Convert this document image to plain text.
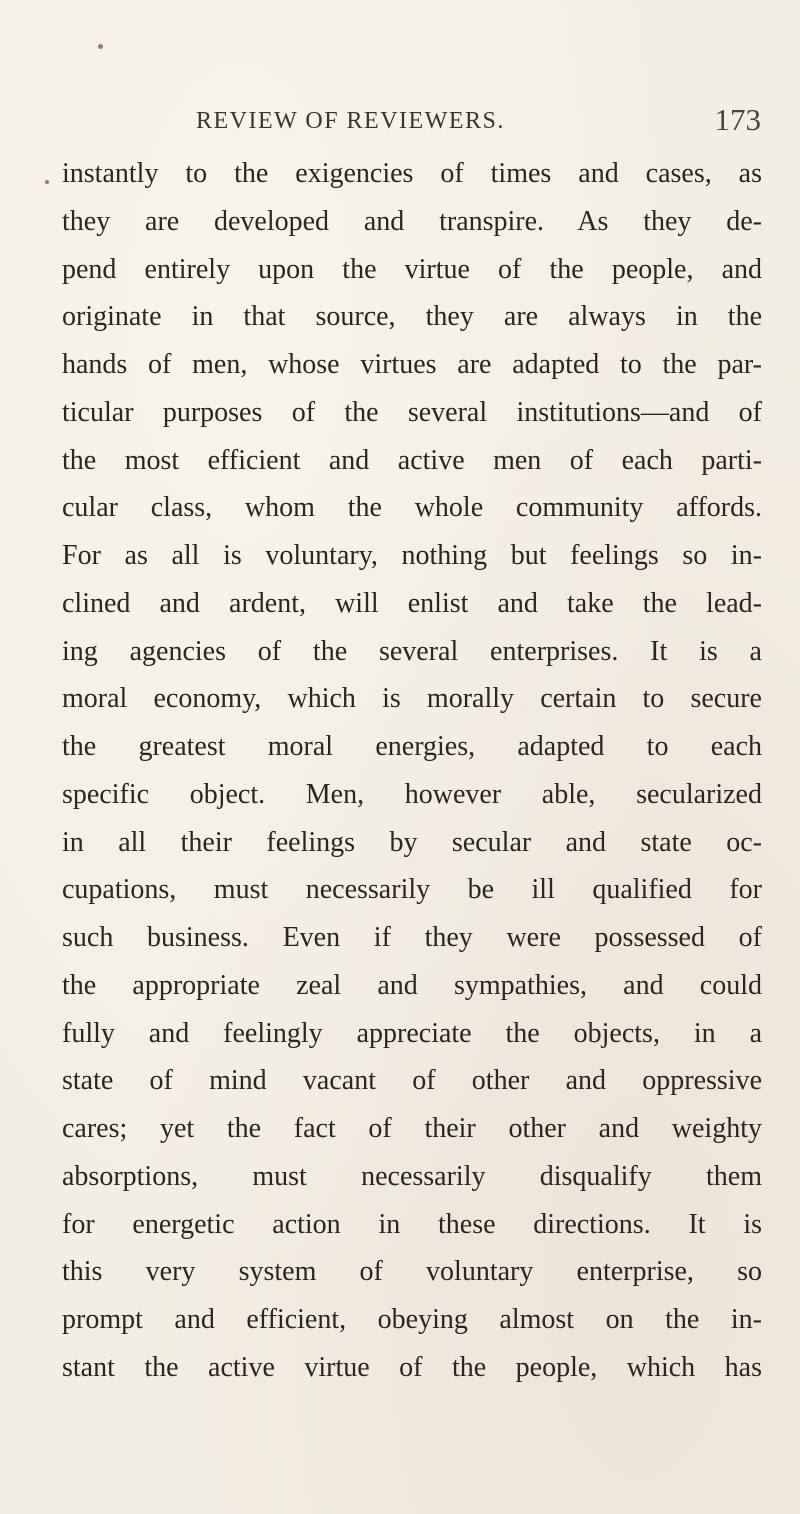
REVIEW OF REVIEWERS.	173
instantly to the exigencies of times and cases, as
they are developed and transpire. As they de-
pend entirely upon the virtue of the people, and
originate in that source, they are always in the
hands of men, whose virtues are adapted to the par-
ticular purposes of the several institutions—and of
the most efficient and active men of each parti-
cular class, whom the whole community affords.
For as all is voluntary, nothing but feelings so in-
clined and ardent, will enlist and take the lead-
ing agencies of the several enterprises. It is a
moral economy, which is morally certain to secure
the greatest moral energies, adapted to each
specific object. Men, however able, secularized
in all their feelings by secular and state oc-
cupations, must necessarily be ill qualified for
such business. Even if they were possessed of
the appropriate zeal and sympathies, and could
fully and feelingly appreciate the objects, in a
state of mind vacant of other and oppressive
cares; yet the fact of their other and weighty
absorptions, must necessarily disqualify them
for energetic action in these directions. It is
this very system of voluntary enterprise, so
prompt and efficient, obeying almost on the in-
stant the active virtue of the people, which has
